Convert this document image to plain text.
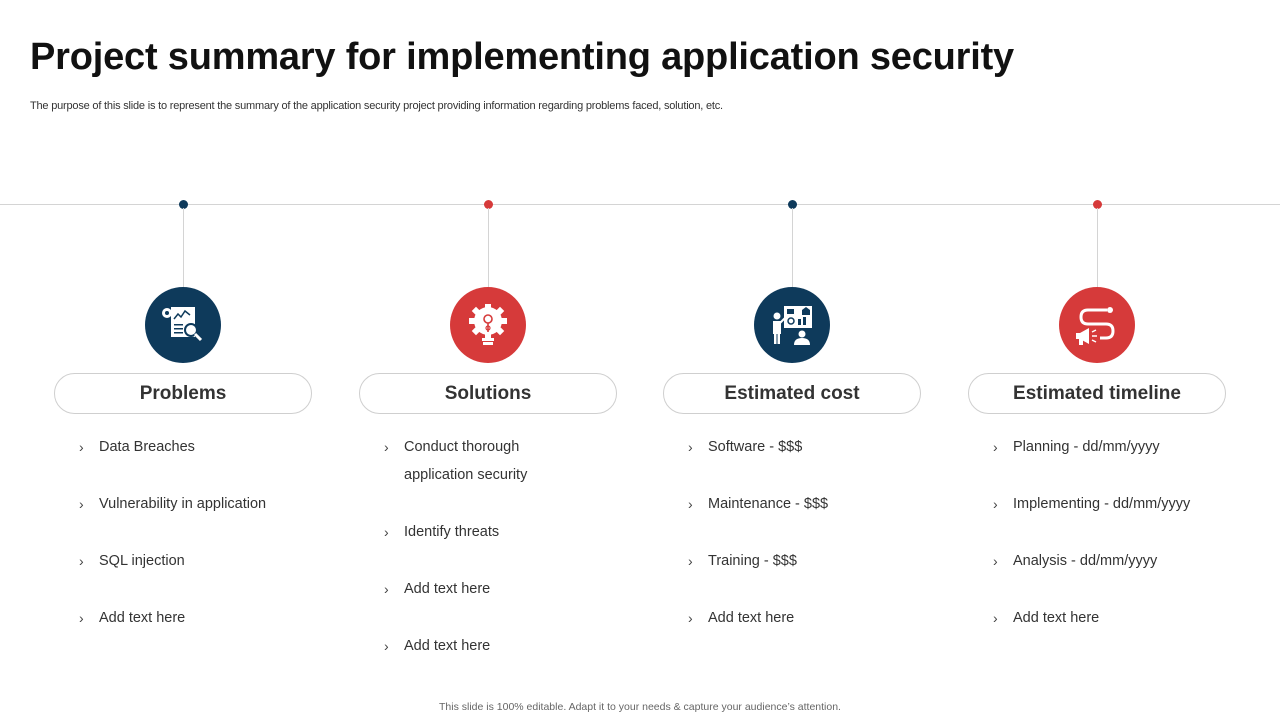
Project summary for implementing application security
The purpose of this slide is to represent the summary of the application security project providing information regarding problems faced, solution, etc.
Problems
› Data Breaches
› Vulnerability in application
› SQL injection
› Add text here
Solutions
› Conduct thorough application security
› Identify threats
› Add text here
› Add text here
Estimated cost
› Software - $$$
› Maintenance - $$$
› Training - $$$
› Add text here
Estimated timeline
› Planning - dd/mm/yyyy
› Implementing - dd/mm/yyyy
› Analysis - dd/mm/yyyy
› Add text here
This slide is 100% editable. Adapt it to your needs & capture your audience’s attention.
